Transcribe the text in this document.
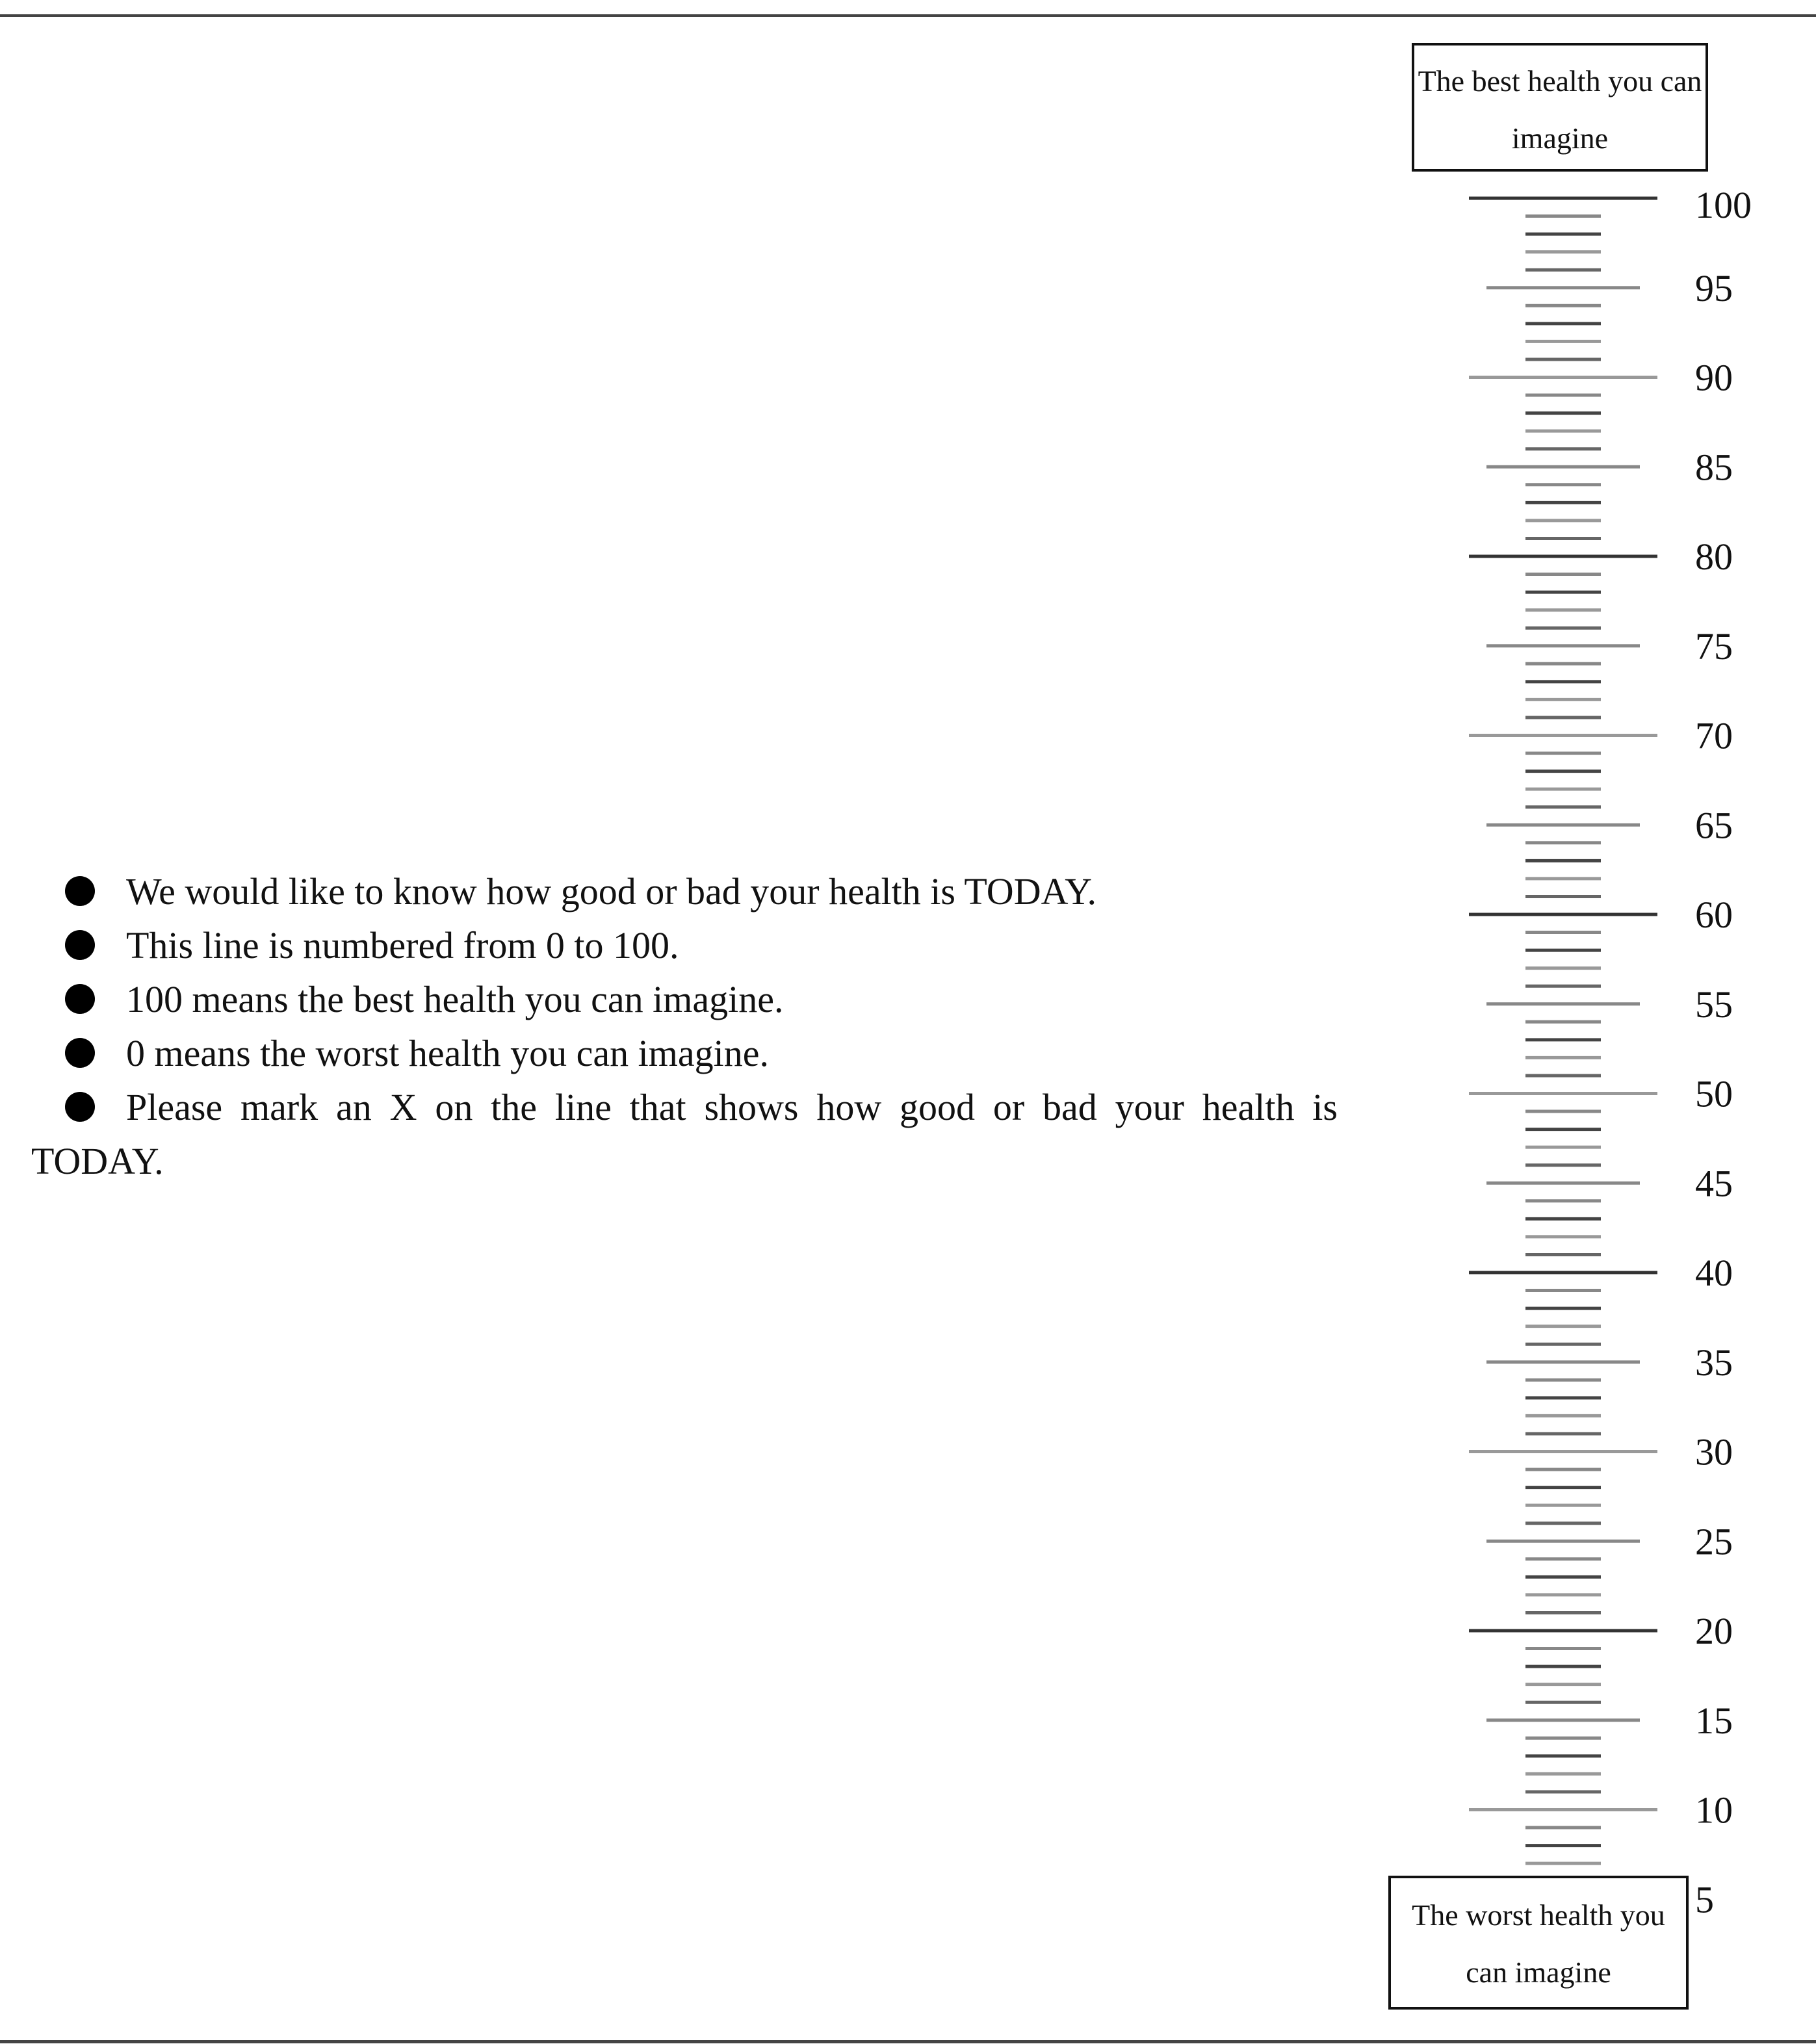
We would like to know how good or bad your health is TODAY.
This line is numbered from 0 to 100.
100 means the best health you can imagine.
0 means the worst health you can imagine.
Please mark an X on the line that shows how good or bad your health is TODAY.
The best health you can imagine
100
95
90
85
80
75
70
65
60
55
50
45
40
35
30
25
20
15
10
5
The worst health you can imagine
